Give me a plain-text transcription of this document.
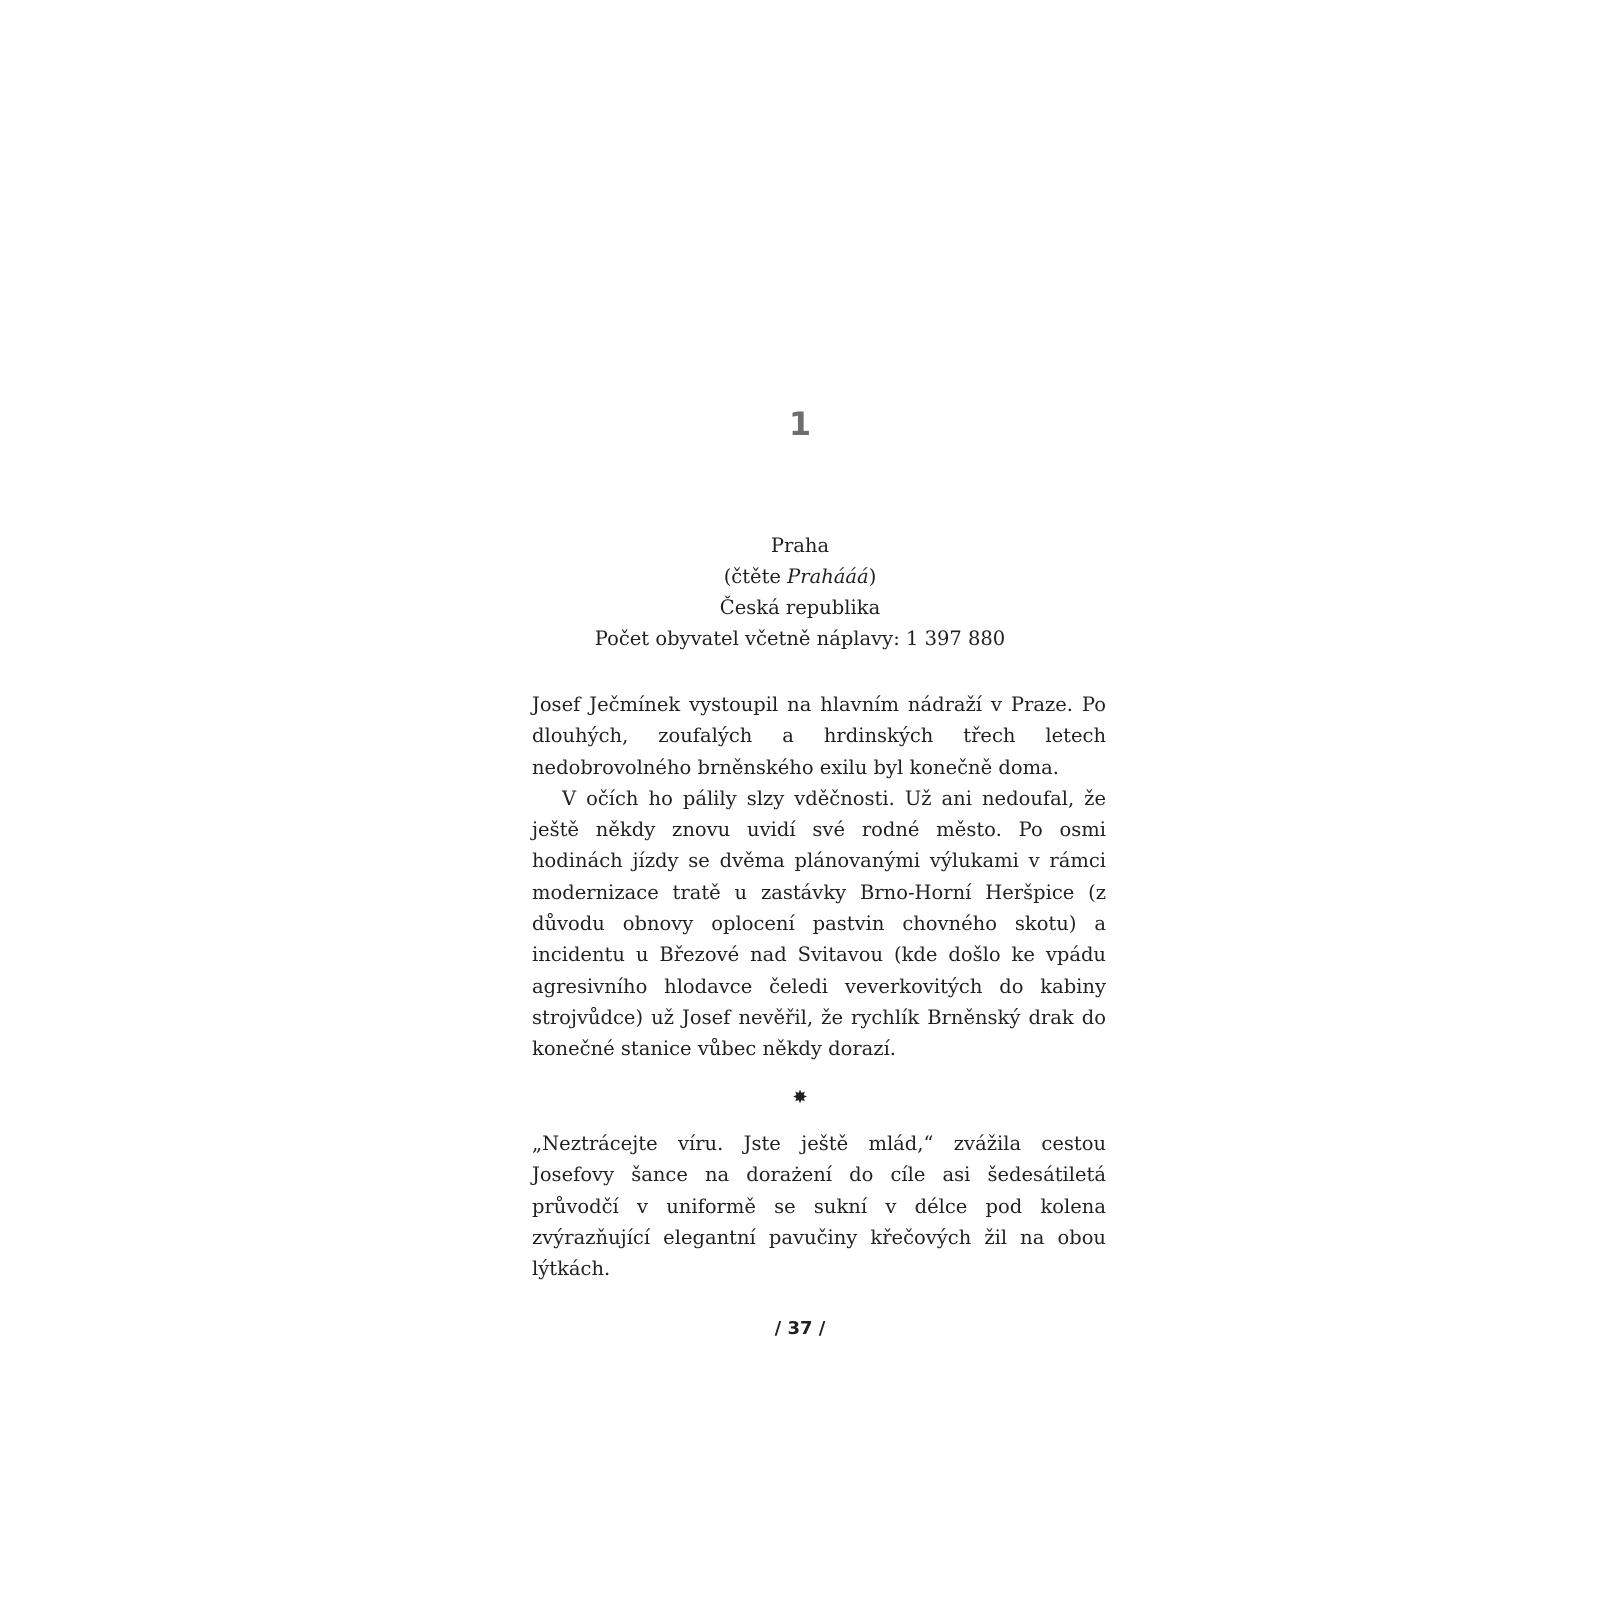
1
Praha
(čtěte Prahááá)
Česká republika
Počet obyvatel včetně náplavy: 1 397 880

Josef Ječmínek vystoupil na hlavním nádraží v Praze. Po dlouhých, zoufalých a hrdinských třech letech nedobrovolného brněnského exilu byl konečně doma.

V očích ho pálily slzy vděčnosti. Už ani nedoufal, že ještě někdy znovu uvidí své rodné město. Po osmi hodinách jízdy se dvěma plánovanými výlukami v rámci modernizace tratě u zastávky Brno-Horní Heršpice (z důvodu obnovy oplocení pastvin chovného skotu) a incidentu u Březové nad Svitavou (kde došlo ke vpádu agresivního hlodavce čeledi veverkovitých do kabiny strojvůdce) už Josef nevěřil, že rychlík Brněnský drak do konečné stanice vůbec někdy dorazí.

✸

„Neztrácejte víru. Jste ještě mlád,“ zvážila cestou Josefovy šance na dorażení do cíle asi šedesátiletá průvodčí v uniformě se sukní v délce pod kolena zvýrazňující elegantní pavučiny křečových žil na obou lýtkách.

/ 37 /
